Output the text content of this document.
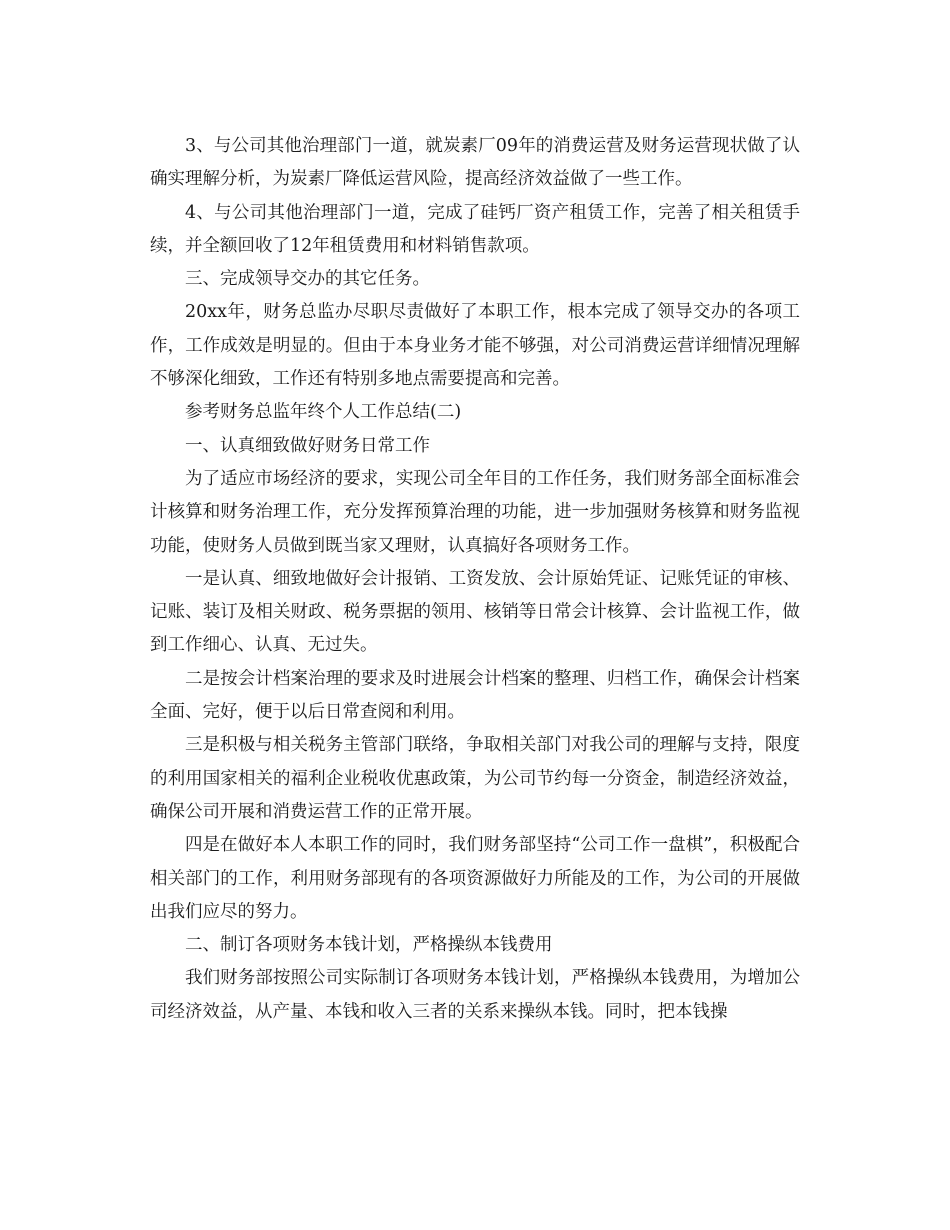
3、与公司其他治理部门一道，就炭素厂09年的消费运营及财务运营现状做了认确实理解分析，为炭素厂降低运营风险，提高经济效益做了一些工作。

4、与公司其他治理部门一道，完成了硅钙厂资产租赁工作，完善了相关租赁手续，并全额回收了12年租赁费用和材料销售款项。

三、完成领导交办的其它任务。

20xx年，财务总监办尽职尽责做好了本职工作，根本完成了领导交办的各项工作，工作成效是明显的。但由于本身业务才能不够强，对公司消费运营详细情况理解不够深化细致，工作还有特别多地点需要提高和完善。

参考财务总监年终个人工作总结(二)

一、认真细致做好财务日常工作

为了适应市场经济的要求，实现公司全年目的工作任务，我们财务部全面标准会计核算和财务治理工作，充分发挥预算治理的功能，进一步加强财务核算和财务监视功能，使财务人员做到既当家又理财，认真搞好各项财务工作。

一是认真、细致地做好会计报销、工资发放、会计原始凭证、记账凭证的审核、记账、装订及相关财政、税务票据的领用、核销等日常会计核算、会计监视工作，做到工作细心、认真、无过失。

二是按会计档案治理的要求及时进展会计档案的整理、归档工作，确保会计档案全面、完好，便于以后日常查阅和利用。

三是积极与相关税务主管部门联络，争取相关部门对我公司的理解与支持，限度的利用国家相关的福利企业税收优惠政策，为公司节约每一分资金，制造经济效益，确保公司开展和消费运营工作的正常开展。

四是在做好本人本职工作的同时，我们财务部坚持“公司工作一盘棋”，积极配合相关部门的工作，利用财务部现有的各项资源做好力所能及的工作，为公司的开展做出我们应尽的努力。

二、制订各项财务本钱计划，严格操纵本钱费用

我们财务部按照公司实际制订各项财务本钱计划，严格操纵本钱费用，为增加公司经济效益，从产量、本钱和收入三者的关系来操纵本钱。同时，把本钱操
